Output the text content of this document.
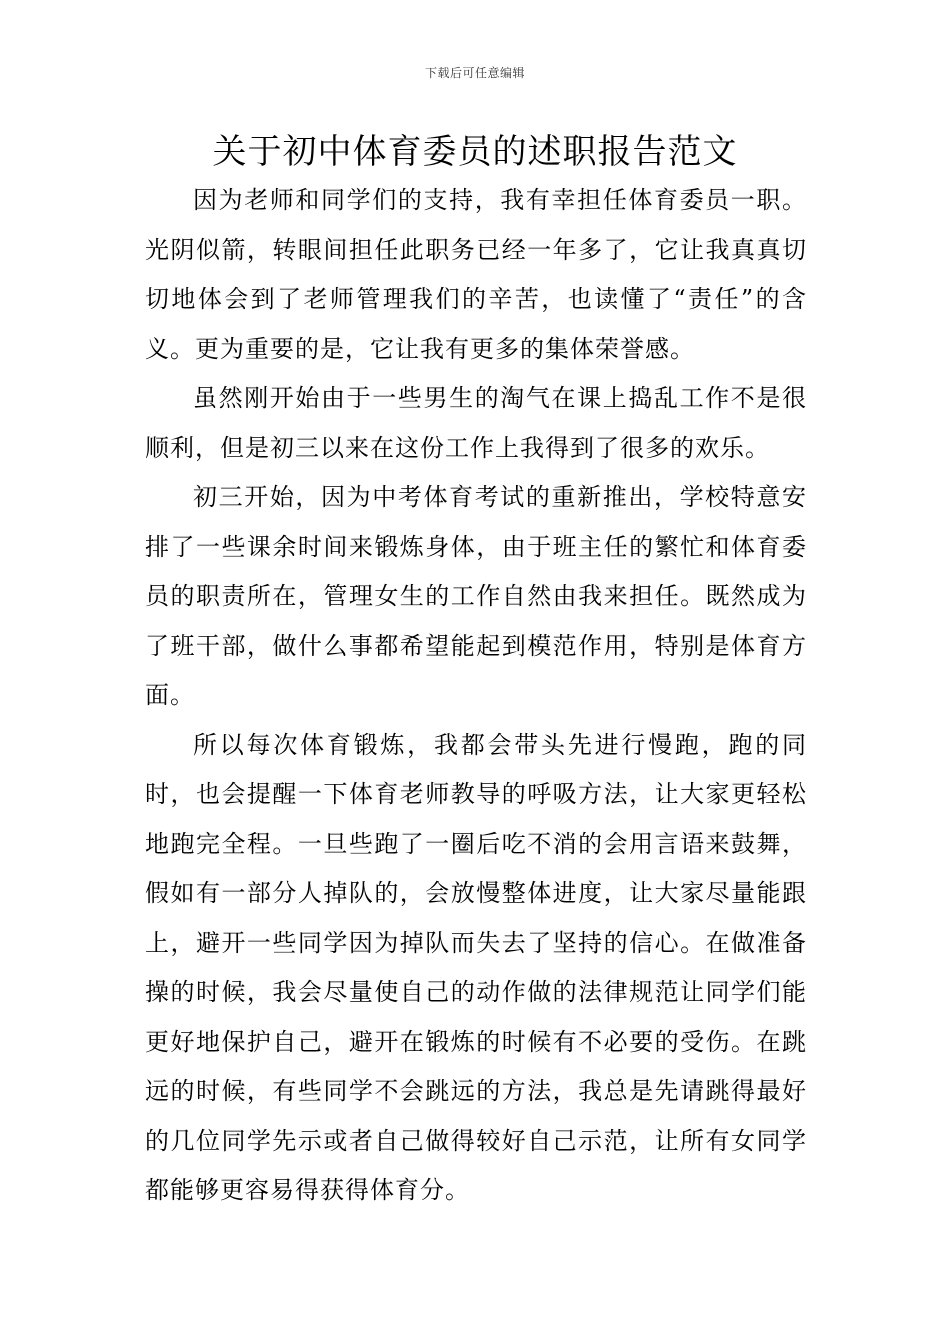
下载后可任意编辑
关于初中体育委员的述职报告范文

因为老师和同学们的支持，我有幸担任体育委员一职。光阴似箭，转眼间担任此职务已经一年多了，它让我真真切切地体会到了老师管理我们的辛苦，也读懂了“责任”的含义。更为重要的是，它让我有更多的集体荣誉感。

虽然刚开始由于一些男生的淘气在课上捣乱工作不是很顺利，但是初三以来在这份工作上我得到了很多的欢乐。

初三开始，因为中考体育考试的重新推出，学校特意安排了一些课余时间来锻炼身体，由于班主任的繁忙和体育委员的职责所在，管理女生的工作自然由我来担任。既然成为了班干部，做什么事都希望能起到模范作用，特别是体育方面。

所以每次体育锻炼，我都会带头先进行慢跑，跑的同时，也会提醒一下体育老师教导的呼吸方法，让大家更轻松地跑完全程。一旦些跑了一圈后吃不消的会用言语来鼓舞，假如有一部分人掉队的，会放慢整体进度，让大家尽量能跟上，避开一些同学因为掉队而失去了坚持的信心。在做准备操的时候，我会尽量使自己的动作做的法律规范让同学们能更好地保护自己，避开在锻炼的时候有不必要的受伤。在跳远的时候，有些同学不会跳远的方法，我总是先请跳得最好的几位同学先示或者自己做得较好自己示范，让所有女同学都能够更容易得获得体育分。
